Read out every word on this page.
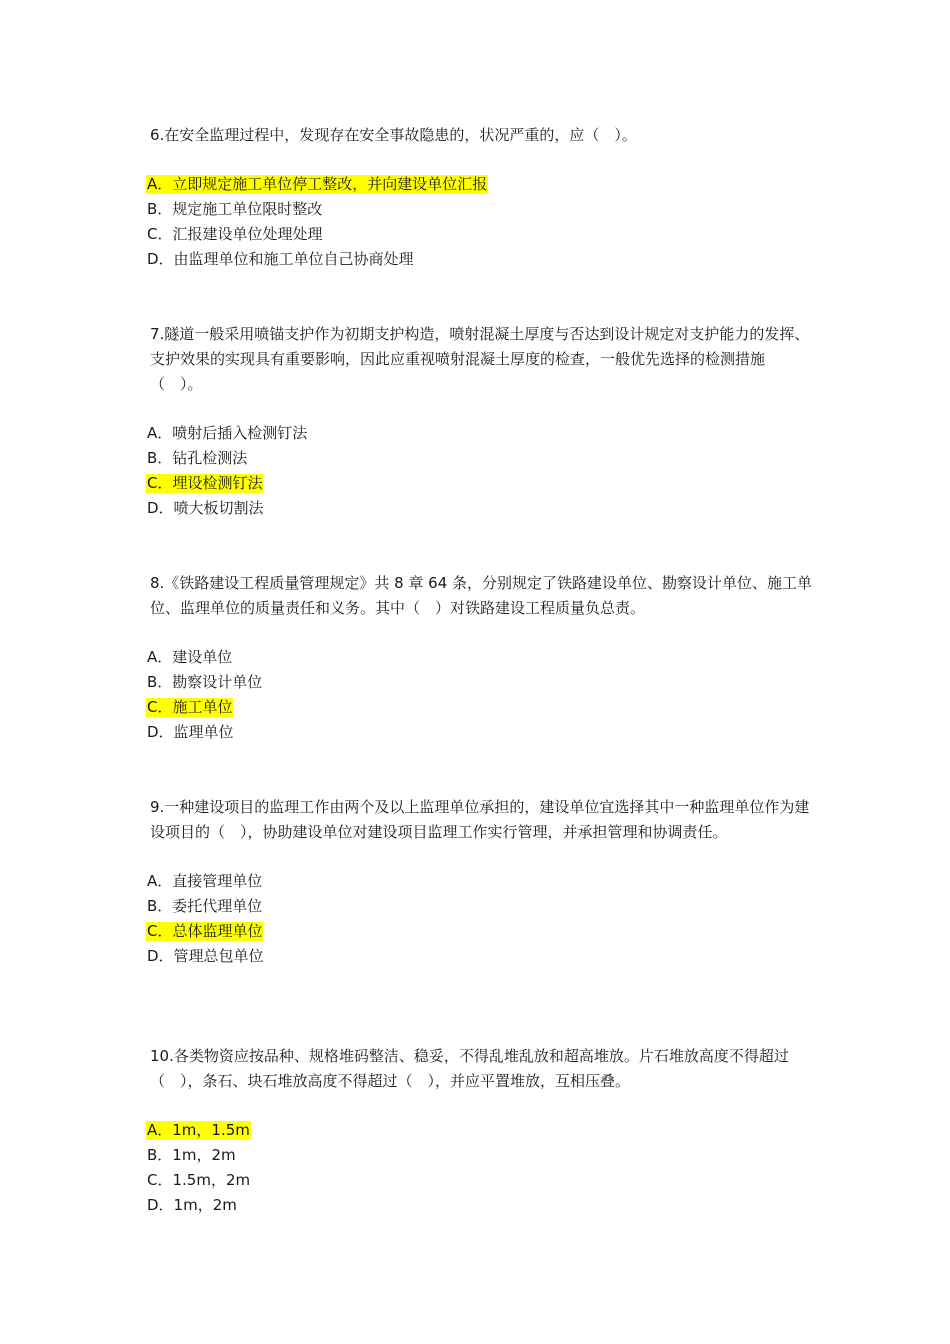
6.在安全监理过程中，发现存在安全事故隐患的，状况严重的，应（　）。

A．立即规定施工单位停工整改，并向建设单位汇报
B．规定施工单位限时整改
C．汇报建设单位处理处理
D．由监理单位和施工单位自己协商处理

7.隧道一般采用喷锚支护作为初期支护构造，喷射混凝土厚度与否达到设计规定对支护能力的发挥、支护效果的实现具有重要影响，因此应重视喷射混凝土厚度的检查，一般优先选择的检测措施（　）。

A．喷射后插入检测钉法
B．钻孔检测法
C．埋设检测钉法
D．喷大板切割法

8.《铁路建设工程质量管理规定》共 8 章 64 条，分别规定了铁路建设单位、勘察设计单位、施工单位、监理单位的质量责任和义务。其中（　）对铁路建设工程质量负总责。

A．建设单位
B．勘察设计单位
C．施工单位
D．监理单位

9.一种建设项目的监理工作由两个及以上监理单位承担的，建设单位宜选择其中一种监理单位作为建设项目的（　），协助建设单位对建设项目监理工作实行管理，并承担管理和协调责任。

A．直接管理单位
B．委托代理单位
C．总体监理单位
D．管理总包单位

10.各类物资应按品种、规格堆码整洁、稳妥，不得乱堆乱放和超高堆放。片石堆放高度不得超过（　），条石、块石堆放高度不得超过（　），并应平置堆放，互相压叠。

A．1m，1.5m
B．1m，2m
C．1.5m，2m
D．1m，2m
